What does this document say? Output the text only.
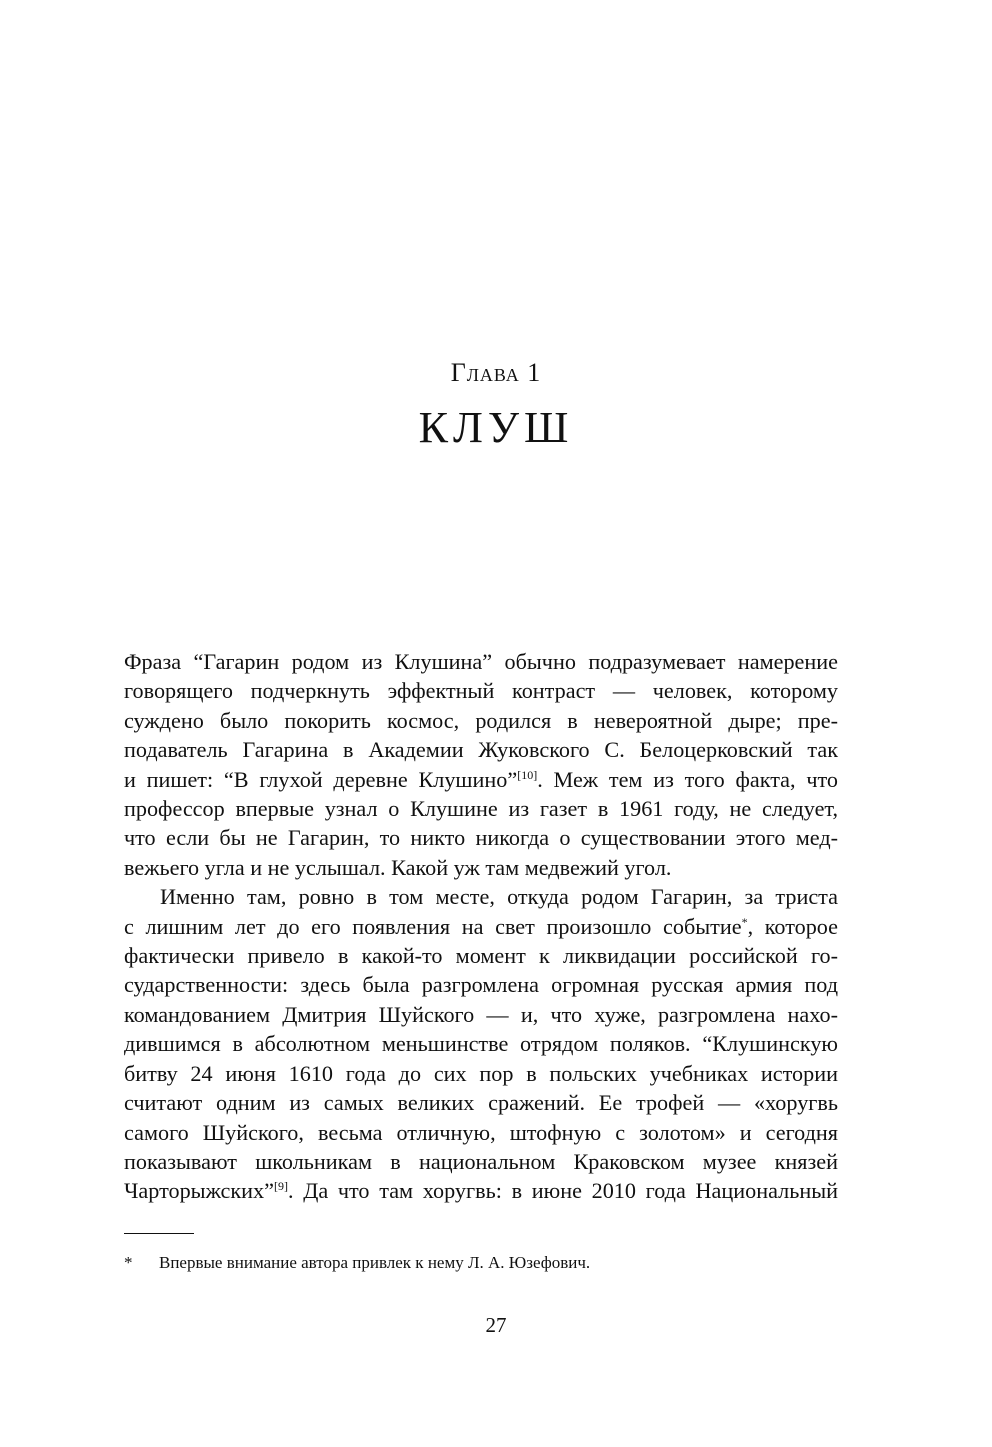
Глава 1
КЛУШ
Фраза “Гагарин родом из Клушина” обычно подразумевает намерение
говорящего подчеркнуть эффектный контраст — человек, которому
суждено было покорить космос, родился в невероятной дыре; пре-
подаватель Гагарина в Академии Жуковского С. Белоцерковский так
и пишет: “В глухой деревне Клушино”[10]. Меж тем из того факта, что
профессор впервые узнал о Клушине из газет в 1961 году, не следует,
что если бы не Гагарин, то никто никогда о существовании этого мед-
вежьего угла и не услышал. Какой уж там медвежий угол.
Именно там, ровно в том месте, откуда родом Гагарин, за триста
с лишним лет до его появления на свет произошло событие*, которое
фактически привело в какой-то момент к ликвидации российской го-
сударственности: здесь была разгромлена огромная русская армия под
командованием Дмитрия Шуйского — и, что хуже, разгромлена нахо-
дившимся в абсолютном меньшинстве отрядом поляков. “Клушинскую
битву 24 июня 1610 года до сих пор в польских учебниках истории
считают одним из самых великих сражений. Ее трофей — «хоругвь
самого Шуйского, весьма отличную, штофную с золотом» и сегодня
показывают школьникам в национальном Краковском музее князей
Чарторыжских”[9]. Да что там хоругвь: в июне 2010 года Национальный
* Впервые внимание автора привлек к нему Л. А. Юзефович.
27
